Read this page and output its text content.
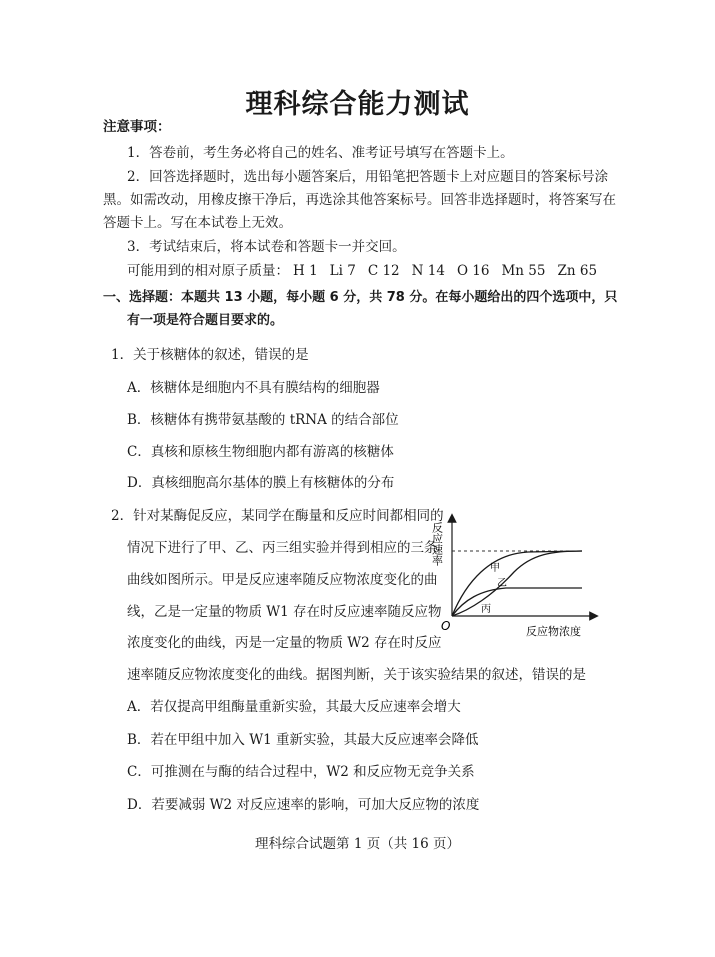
理科综合能力测试
注意事项：
1．答卷前，考生务必将自己的姓名、准考证号填写在答题卡上。
2．回答选择题时，选出每小题答案后，用铅笔把答题卡上对应题目的答案标号涂
黑。如需改动，用橡皮擦干净后，再选涂其他答案标号。回答非选择题时，将答案写在
答题卡上。写在本试卷上无效。
3．考试结束后，将本试卷和答题卡一并交回。
可能用到的相对原子质量： H 1 Li 7 C 12 N 14 O 16 Mn 55 Zn 65
一、选择题：本题共 13 小题，每小题 6 分，共 78 分。在每小题给出的四个选项中，只
有一项是符合题目要求的。
1．关于核糖体的叙述，错误的是
A．核糖体是细胞内不具有膜结构的细胞器
B．核糖体有携带氨基酸的 tRNA 的结合部位
C．真核和原核生物细胞内都有游离的核糖体
D．真核细胞高尔基体的膜上有核糖体的分布
2．针对某酶促反应，某同学在酶量和反应时间都相同的
情况下进行了甲、乙、丙三组实验并得到相应的三条
曲线如图所示。甲是反应速率随反应物浓度变化的曲
线，乙是一定量的物质 W1 存在时反应速率随反应物
浓度变化的曲线，丙是一定量的物质 W2 存在时反应
速率随反应物浓度变化的曲线。据图判断，关于该实验结果的叙述，错误的是
A．若仅提高甲组酶量重新实验，其最大反应速率会增大
B．若在甲组中加入 W1 重新实验，其最大反应速率会降低
C．可推测在与酶的结合过程中，W2 和反应物无竞争关系
D．若要减弱 W2 对反应速率的影响，可加大反应物的浓度
反应速率
O	反应物浓度
甲
乙
丙
理科综合试题第 1 页（共 16 页）
